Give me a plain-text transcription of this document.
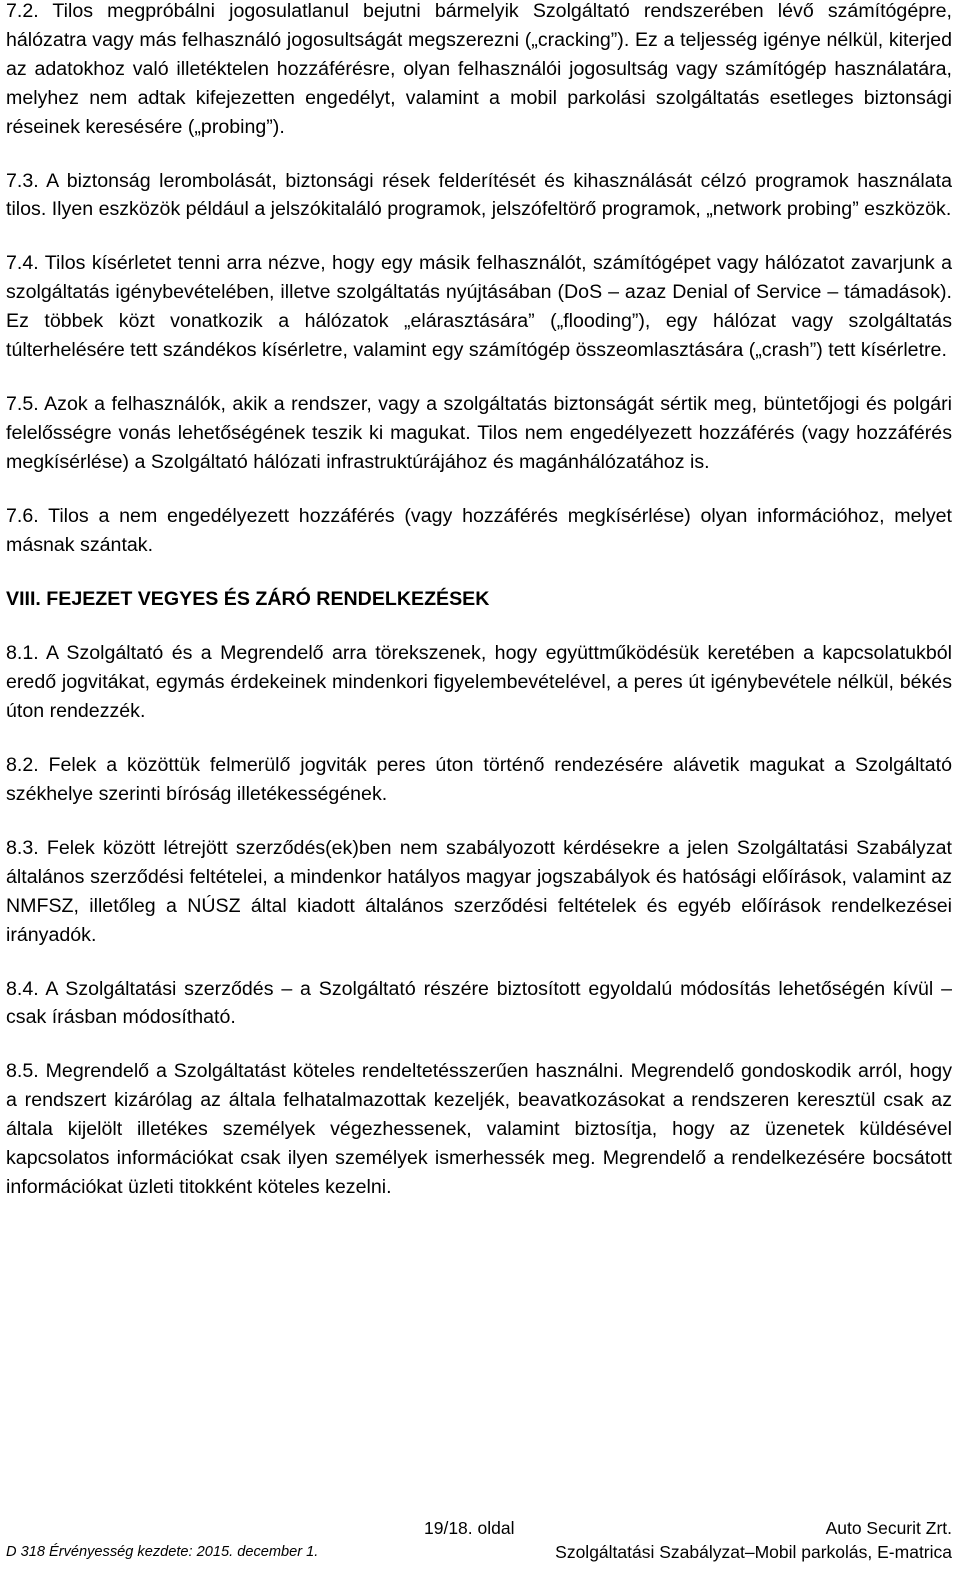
7.2. Tilos megpróbálni jogosulatlanul bejutni bármelyik Szolgáltató rendszerében lévő számítógépre, hálózatra vagy más felhasználó jogosultságát megszerezni („cracking”). Ez a teljesség igénye nélkül, kiterjed az adatokhoz való illetéktelen hozzáférésre, olyan felhasználói jogosultság vagy számítógép használatára, melyhez nem adtak kifejezetten engedélyt, valamint a mobil parkolási szolgáltatás esetleges biztonsági réseinek keresésére („probing”).

7.3. A biztonság lerombolását, biztonsági rések felderítését és kihasználását célzó programok használata tilos. Ilyen eszközök például a jelszókitaláló programok, jelszófeltörő programok, „network probing” eszközök.

7.4. Tilos kísérletet tenni arra nézve, hogy egy másik felhasználót, számítógépet vagy hálózatot zavarjunk a szolgáltatás igénybevételében, illetve szolgáltatás nyújtásában (DoS – azaz Denial of Service – támadások). Ez többek közt vonatkozik a hálózatok „elárasztására” („flooding”), egy hálózat vagy szolgáltatás túlterhelésére tett szándékos kísérletre, valamint egy számítógép összeomlasztására („crash”) tett kísérletre.

7.5. Azok a felhasználók, akik a rendszer, vagy a szolgáltatás biztonságát sértik meg, büntetőjogi és polgári felelősségre vonás lehetőségének teszik ki magukat. Tilos nem engedélyezett hozzáférés (vagy hozzáférés megkísérlése) a Szolgáltató hálózati infrastruktúrájához és magánhálózatához is.

7.6. Tilos a nem engedélyezett hozzáférés (vagy hozzáférés megkísérlése) olyan információhoz, melyet másnak szántak.

VIII. FEJEZET VEGYES ÉS ZÁRÓ RENDELKEZÉSEK

8.1. A Szolgáltató és a Megrendelő arra törekszenek, hogy együttműködésük keretében a kapcsolatukból eredő jogvitákat, egymás érdekeinek mindenkori figyelembevételével, a peres út igénybevétele nélkül, békés úton rendezzék.

8.2. Felek a közöttük felmerülő jogviták peres úton történő rendezésére alávetik magukat a Szolgáltató székhelye szerinti bíróság illetékességének.

8.3. Felek között létrejött szerződés(ek)ben nem szabályozott kérdésekre a jelen Szolgáltatási Szabályzat általános szerződési feltételei, a mindenkor hatályos magyar jogszabályok és hatósági előírások, valamint az NMFSZ, illetőleg a NÚSZ által kiadott általános szerződési feltételek és egyéb előírások rendelkezései irányadók.

8.4. A Szolgáltatási szerződés – a Szolgáltató részére biztosított egyoldalú módosítás lehetőségén kívül – csak írásban módosítható.

8.5. Megrendelő a Szolgáltatást köteles rendeltetésszerűen használni. Megrendelő gondoskodik arról, hogy a rendszert kizárólag az általa felhatalmazottak kezeljék, beavatkozásokat a rendszeren keresztül csak az általa kijelölt illetékes személyek végezhessenek, valamint biztosítja, hogy az üzenetek küldésével kapcsolatos információkat csak ilyen személyek ismerhessék meg. Megrendelő a rendelkezésére bocsátott információkat üzleti titokként köteles kezelni.

19/18. oldal	Auto Securit Zrt.
D 318 Érvényesség kezdete: 2015. december 1.	Szolgáltatási Szabályzat–Mobil parkolás, E-matrica
